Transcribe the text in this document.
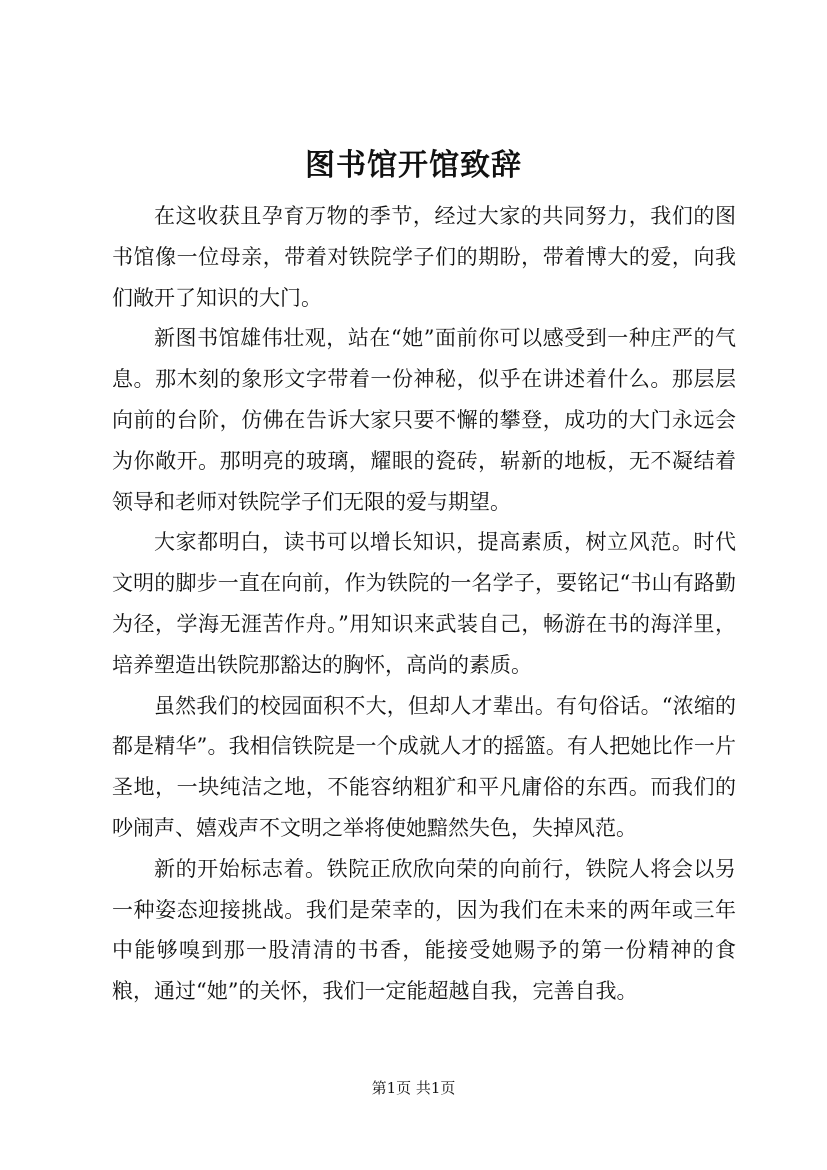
图书馆开馆致辞

在这收获且孕育万物的季节，经过大家的共同努力，我们的图书馆像一位母亲，带着对铁院学子们的期盼，带着博大的爱，向我们敞开了知识的大门。

新图书馆雄伟壮观，站在“她”面前你可以感受到一种庄严的气息。那木刻的象形文字带着一份神秘，似乎在讲述着什么。那层层向前的台阶，仿佛在告诉大家只要不懈的攀登，成功的大门永远会为你敞开。那明亮的玻璃，耀眼的瓷砖，崭新的地板，无不凝结着领导和老师对铁院学子们无限的爱与期望。

大家都明白，读书可以增长知识，提高素质，树立风范。时代文明的脚步一直在向前，作为铁院的一名学子，要铭记“书山有路勤为径，学海无涯苦作舟。”用知识来武装自己，畅游在书的海洋里，培养塑造出铁院那豁达的胸怀，高尚的素质。

虽然我们的校园面积不大，但却人才辈出。有句俗话。“浓缩的都是精华”。我相信铁院是一个成就人才的摇篮。有人把她比作一片圣地，一块纯洁之地，不能容纳粗犷和平凡庸俗的东西。而我们的吵闹声、嬉戏声不文明之举将使她黯然失色，失掉风范。

新的开始标志着。铁院正欣欣向荣的向前行，铁院人将会以另一种姿态迎接挑战。我们是荣幸的，因为我们在未来的两年或三年中能够嗅到那一股清清的书香，能接受她赐予的第一份精神的食粮，通过“她”的关怀，我们一定能超越自我，完善自我。

第1页 共1页
